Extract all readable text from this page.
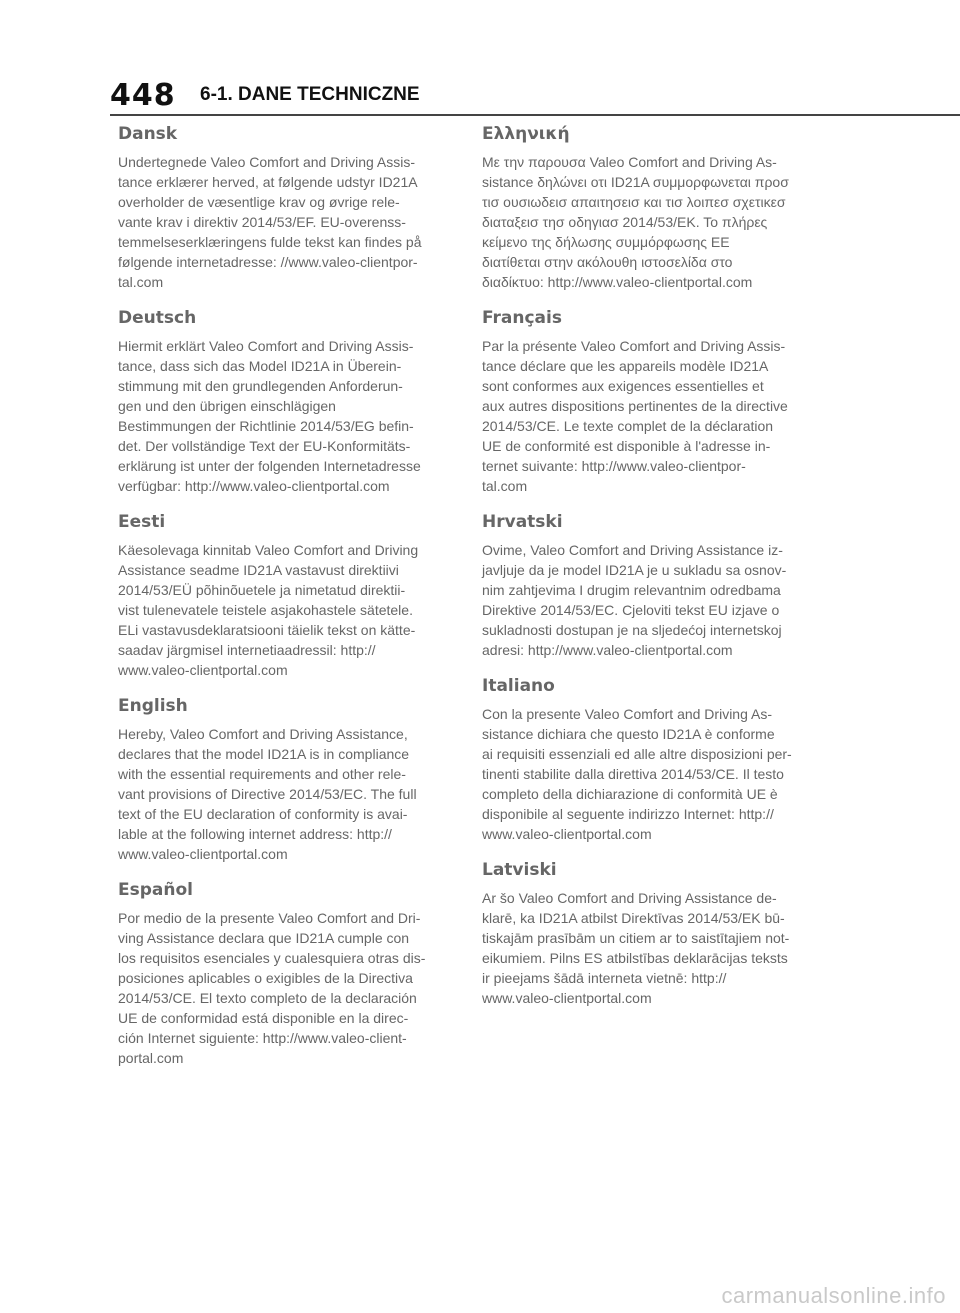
448 6-1. DANE TECHNICZNE
Dansk

Undertegnede Valeo Comfort and Driving Assis-
tance erklærer herved, at følgende udstyr ID21A
overholder de væsentlige krav og øvrige rele-
vante krav i direktiv 2014/53/EF. EU-overenss-
temmelseserklæringens fulde tekst kan findes på
følgende internetadresse: //www.valeo-clientpor-
tal.com

Deutsch

Hiermit erklärt Valeo Comfort and Driving Assis-
tance, dass sich das Model ID21A in Überein-
stimmung mit den grundlegenden Anforderun-
gen und den übrigen einschlägigen
Bestimmungen der Richtlinie 2014/53/EG befin-
det. Der vollständige Text der EU-Konformitäts-
erklärung ist unter der folgenden Internetadresse
verfügbar: http://www.valeo-clientportal.com

Eesti

Käesolevaga kinnitab Valeo Comfort and Driving
Assistance seadme ID21A vastavust direktiivi
2014/53/EÜ põhinõuetele ja nimetatud direktii-
vist tulenevatele teistele asjakohastele sätetele.
ELi vastavusdeklaratsiooni täielik tekst on kätte-
saadav järgmisel internetiaadressil: http://
www.valeo-clientportal.com

English

Hereby, Valeo Comfort and Driving Assistance,
declares that the model ID21A is in compliance
with the essential requirements and other rele-
vant provisions of Directive 2014/53/EC. The full
text of the EU declaration of conformity is avai-
lable at the following internet address: http://
www.valeo-clientportal.com

Español

Por medio de la presente Valeo Comfort and Dri-
ving Assistance declara que ID21A cumple con
los requisitos esenciales y cualesquiera otras dis-
posiciones aplicables o exigibles de la Directiva
2014/53/CE. El texto completo de la declaración
UE de conformidad está disponible en la direc-
ción Internet siguiente: http://www.valeo-client-
portal.com

Ελληνική

Με την παρουσα Valeo Comfort and Driving As-
sistance δηλώνει οτι ID21A συμμορφωνεται προσ
τισ ουσιωδεισ απαιτησεισ και τισ λοιπεσ σχετικεσ
διαταξεισ τησ οδηγιασ 2014/53/ΕΚ. Το πλήρες
κείμενο της δήλωσης συμμόρφωσης ΕΕ
διατίθεται στην ακόλουθη ιστοσελίδα στο
διαδίκτυο: http://www.valeo-clientportal.com

Français

Par la présente Valeo Comfort and Driving Assis-
tance déclare que les appareils modèle ID21A
sont conformes aux exigences essentielles et
aux autres dispositions pertinentes de la directive
2014/53/CE. Le texte complet de la déclaration
UE de conformité est disponible à l'adresse in-
ternet suivante: http://www.valeo-clientpor-
tal.com

Hrvatski

Ovime, Valeo Comfort and Driving Assistance iz-
javljuje da je model ID21A je u sukladu sa osnov-
nim zahtjevima I drugim relevantnim odredbama
Direktive 2014/53/EC. Cjeloviti tekst EU izjave o
sukladnosti dostupan je na sljedećoj internetskoj
adresi: http://www.valeo-clientportal.com

Italiano

Con la presente Valeo Comfort and Driving As-
sistance dichiara che questo ID21A è conforme
ai requisiti essenziali ed alle altre disposizioni per-
tinenti stabilite dalla direttiva 2014/53/CE. Il testo
completo della dichiarazione di conformità UE è
disponibile al seguente indirizzo Internet: http://
www.valeo-clientportal.com

Latviski

Ar šo Valeo Comfort and Driving Assistance de-
klarē, ka ID21A atbilst Direktīvas 2014/53/EK bū-
tiskajām prasībām un citiem ar to saistītajiem not-
eikumiem. Pilns ES atbilstības deklarācijas teksts
ir pieejams šādā interneta vietnē: http://
www.valeo-clientportal.com

carmanualsonline.info
